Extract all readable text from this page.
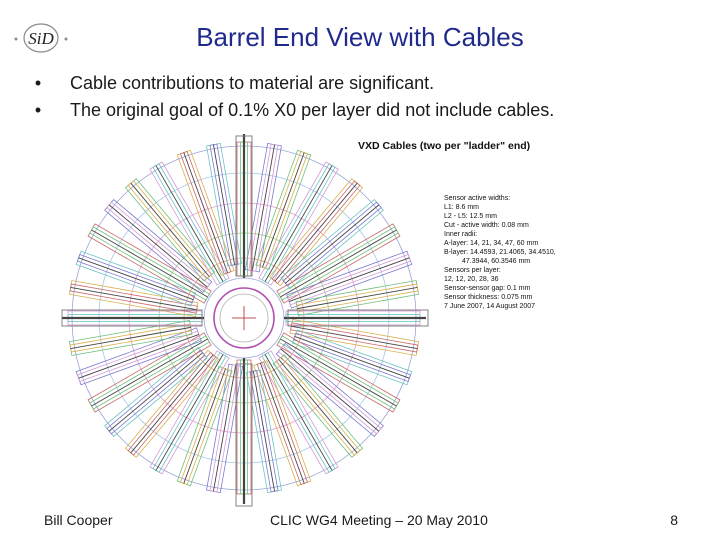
SiD	Barrel End View with Cables
•	Cable contributions to material are significant.
•	The original goal of 0.1% X0 per layer did not include cables.
VXD Cables (two per "ladder" end)
Sensor active widths:
L1: 8.6 mm
L2 - L5: 12.5 mm
Cut - active width: 0.08 mm
Inner radii:
A-layer: 14, 21, 34, 47, 60 mm
B-layer: 14.4593, 21.4065, 34.4510,
47.3944, 60.3546 mm
Sensors per layer:
12, 12, 20, 28, 36
Sensor-sensor gap: 0.1 mm
Sensor thickness: 0.075 mm
7 June 2007, 14 August 2007
Bill Cooper	CLIC WG4 Meeting – 20 May 2010	8
